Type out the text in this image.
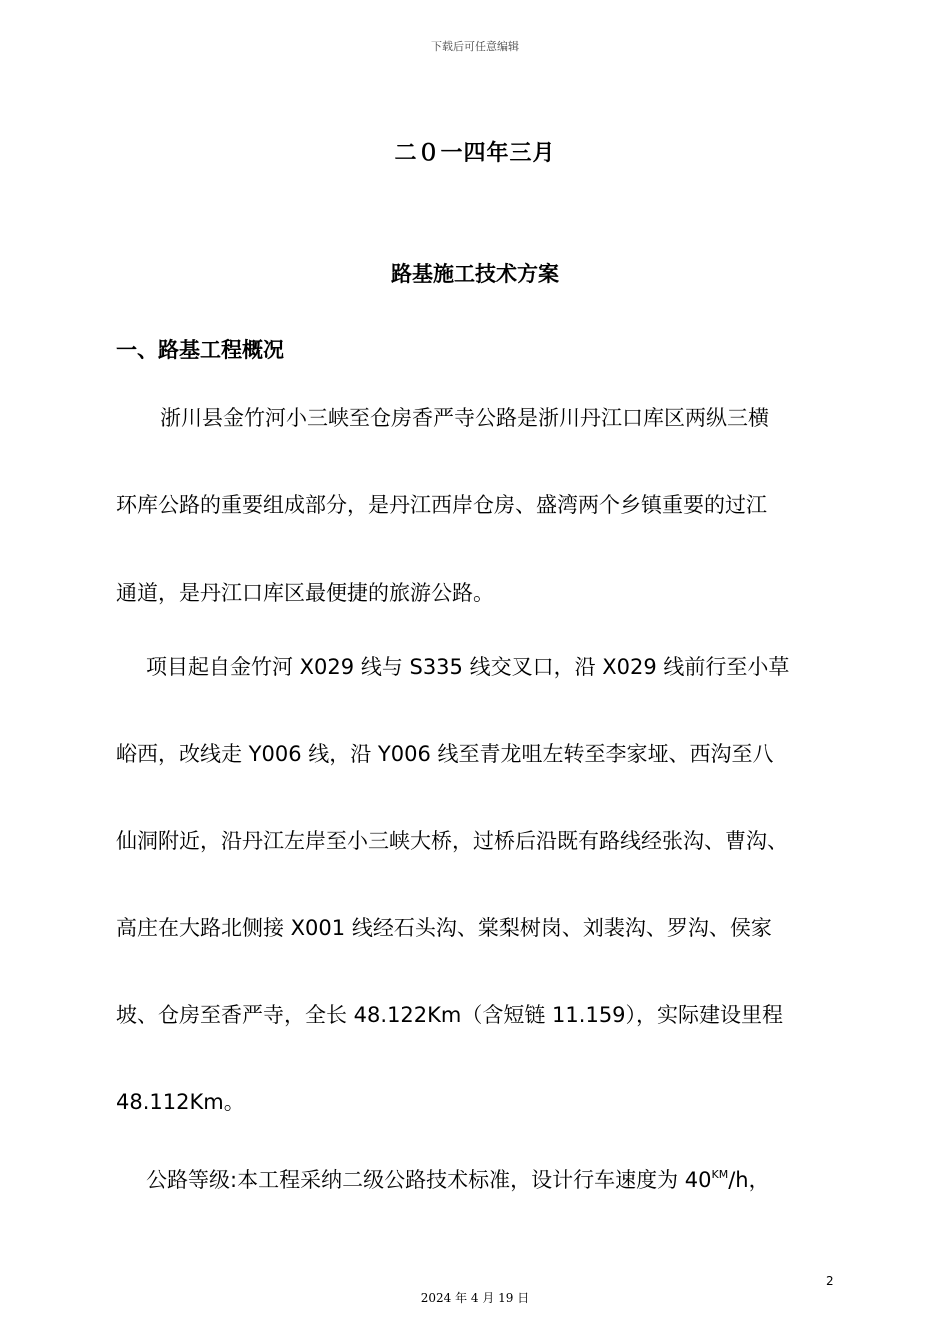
下载后可任意编辑
二０一四年三月
路基施工技术方案
一、路基工程概况
浙川县金竹河小三峡至仓房香严寺公路是浙川丹江口库区两纵三横
环库公路的重要组成部分，是丹江西岸仓房、盛湾两个乡镇重要的过江
通道，是丹江口库区最便捷的旅游公路。
项目起自金竹河 X029 线与 S335 线交叉口，沿 X029 线前行至小草
峪西，改线走 Y006 线，沿 Y006 线至青龙咀左转至李家垭、西沟至八
仙洞附近，沿丹江左岸至小三峡大桥，过桥后沿既有路线经张沟、曹沟、
高庄在大路北侧接 X001 线经石头沟、棠梨树岗、刘裴沟、罗沟、侯家
坡、仓房至香严寺，全长 48.122Km（含短链 11.159），实际建设里程
48.112Km。
公路等级:本工程采纳二级公路技术标准，设计行车速度为 $40^{KM}/h$，
2
2024 年 4 月 19 日
